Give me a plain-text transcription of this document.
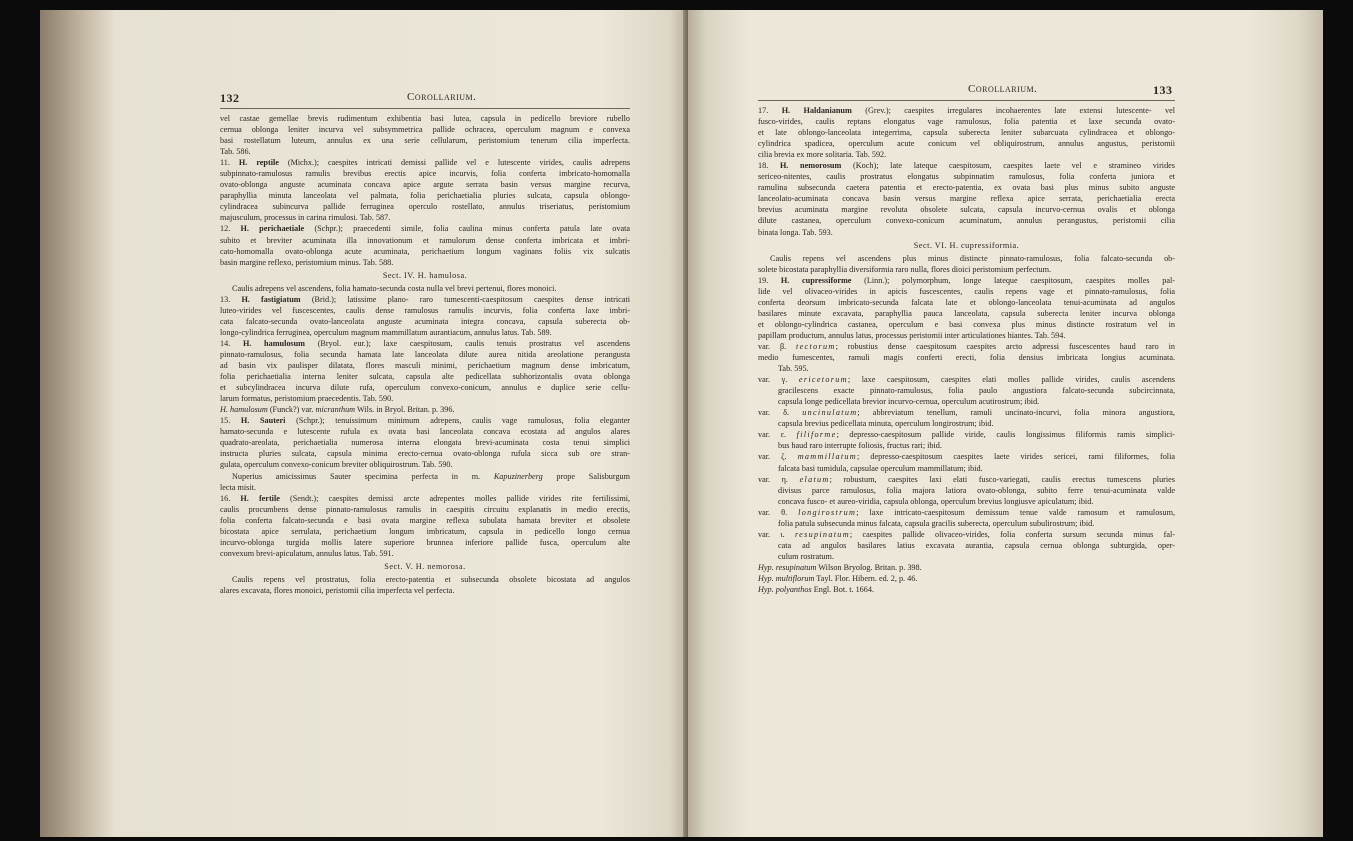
132	Corollarium.
vel castae gemellae brevis rudimentum exhibentia basi lutea, capsula in pedicello breviore rubello
cernua oblonga leniter incurva vel subsymmetrica pallide ochracea, operculum magnum e convexa
basi rostellatum luteum, annulus ex una serie cellularum, peristomium tenerum cilia imperfecta.
Tab. 586.
11. H. reptile (Michx.); caespites intricati demissi pallide vel e lutescente virides, caulis adrepens
subpinnato-ramulosus ramulis brevibus erectis apice incurvis, folia conferta imbricato-homomalla
ovato-oblonga anguste acuminata concava apice argute serrata basin versus margine recurva,
paraphyllia minuta lanceolata vel palmata, folia perichaetialia pluries sulcata, capsula oblongo-
cylindracea subincurva pallide ferruginea operculo rostellato, annulus triseriatus, peristomium
majusculum, processus in carina rimulosi. Tab. 587.
12. H. perichaetiale (Schpr.); praecedenti simile, folia caulina minus conferta patula late ovata
subito et breviter acuminata illa innovationum et ramulorum dense conferta imbricata et imbri-
cato-homomalla ovato-oblonga acute acuminata, perichaetium longum vaginans foliis vix sulcatis
basin margine reflexo, peristomium minus. Tab. 588.
Sect. IV. H. hamulosa.
Caulis adrepens vel ascendens, folia hamato-secunda costa nulla vel brevi pertenui, flores monoici.
13. H. fastigiatum (Brid.); latissime plano- raro tumescenti-caespitosum caespites dense intricati
luteo-virides vel fuscescentes, caulis dense ramulosus ramulis incurvis, folia conferta laxe imbri-
cata falcato-secunda ovato-lanceolata anguste acuminata integra concava, capsula suberecta ob-
longo-cylindrica ferruginea, operculum magnum mammillatum aurantiacum, annulus latus. Tab. 589.
14. H. hamulosum (Bryol. eur.); laxe caespitosum, caulis tenuis prostratus vel ascendens
pinnato-ramulosus, folia secunda hamata late lanceolata dilute aurea nitida areolatione perangusta
ad basin vix paulisper dilatata, flores masculi minimi, perichaetium magnum dense imbricatum,
folia perichaetialia interna leniter sulcata, capsula alte pedicellata subhorizontalis ovata oblonga
et subcylindracea incurva dilute rufa, operculum convexo-conicum, annulus e duplice serie cellu-
larum formatus, peristomium praecedentis. Tab. 590.
H. hamulosum (Funck?) var. micranthum Wils. in Bryol. Britan. p. 396.
15. H. Sauteri (Schpr.); tenuissimum minimum adrepens, caulis vage ramulosus, folia eleganter
hamato-secunda e lutescente rufula ex ovata basi lanceolata concava ecostata ad angulos alares
quadrato-areolata, perichaetialia numerosa interna elongata brevi-acuminata costa tenui simplici
instructa pluries sulcata, capsula minima erecto-cernua ovato-oblonga rufula sicca sub ore stran-
gulata, operculum convexo-conicum breviter obliquirostrum. Tab. 590.
Nuperius amicissimus Sauter specimina perfecta in m. Kapuzinerberg prope Salisburgum
lecta misit.
16. H. fertile (Sendt.); caespites demissi arcte adrepentes molles pallide virides rite fertilissimi,
caulis procumbens dense pinnato-ramulosus ramulis in caespitis circuitu explanatis in medio erectis,
folia conferta falcato-secunda e basi ovata margine reflexa subulata hamata breviter et obsolete
bicostata apice serrulata, perichaetium longum imbricatum, capsula in pedicello longo cernua
incurvo-oblonga turgida mollis latere superiore brunnea inferiore pallide fusca, operculum alte
convexum brevi-apiculatum, annulus latus. Tab. 591.
Sect. V. H. nemorosa.
Caulis repens vel prostratus, folia erecto-patentia et subsecunda obsolete bicostata ad angulos
alares excavata, flores monoici, peristomii cilia imperfecta vel perfecta.
Corollarium.	133
17. H. Haldanianum (Grev.); caespites irregulares incohaerentes late extensi lutescente- vel
fusco-virides, caulis reptans elongatus vage ramulosus, folia patentia et laxe secunda ovato-
et late oblongo-lanceolata integerrima, capsula suberecta leniter subarcuata cylindracea et oblongo-
cylindrica spadicea, operculum acute conicum vel obliquirostrum, annulus angustus, peristomii
cilia brevia ex more solitaria. Tab. 592.
18. H. nemorosum (Koch); late lateque caespitosum, caespites laete vel e stramineo virides
sericeo-nitentes, caulis prostratus elongatus subpinnatim ramulosus, folia conferta juniora et
ramulina subsecunda caetera patentia et erecto-patentia, ex ovata basi plus minus subito anguste
lanceolato-acuminata concava basin versus margine reflexa apice serrata, perichaetialia erecta
brevius acuminata margine revoluta obsolete sulcata, capsula incurvo-cernua ovalis et oblonga
dilute castanea, operculum convexo-conicum acuminatum, annulus perangustus, peristomii cilia
binata longa. Tab. 593.
Sect. VI. H. cupressiformia.
Caulis repens vel ascendens plus minus distincte pinnato-ramulosus, folia falcato-secunda ob-
solete bicostata paraphyllia diversiformia raro nulla, flores dioici peristomium perfectum.
19. H. cupressiforme (Linn.); polymorphum, longe lateque caespitosum, caespites molles pal-
lide vel olivaceo-virides in apicis fuscescentes, caulis repens vage et pinnato-ramulosus, folia
conferta deorsum imbricato-secunda falcata late et oblongo-lanceolata tenui-acuminata ad angulos
basilares minute excavata, paraphyllia pauca lanceolata, capsula suberecta leniter incurva oblonga
et oblongo-cylindrica castanea, operculum e basi convexa plus minus distincte rostratum vel in
papillam productum, annulus latus, processus peristomii inter articulationes hiantes. Tab. 594.
var. β. tectorum; robustius dense caespitosum caespites arcto adpressi fuscescentes haud raro in
medio fumescentes, ramuli magis conferti erecti, folia densius imbricata longius acuminata.
Tab. 595.
var. γ. ericetorum; laxe caespitosum, caespites elati molles pallide virides, caulis ascendens
gracilescens exacte pinnato-ramulosus, folia paulo angustiora falcato-secunda subcircinnata,
capsula longe pedicellata brevior incurvo-cernua, operculum acutirostrum; ibid.
var. δ. uncinulatum; abbreviatum tenellum, ramuli uncinato-incurvi, folia minora angustiora,
capsula brevius pedicellata minuta, operculum longirostrum; ibid.
var. ε. filiforme; depresso-caespitosum pallide viride, caulis longissimus filiformis ramis simplici-
bus haud raro interrupte foliosis, fructus rari; ibid.
var. ζ. mammillatum; depresso-caespitosum caespites laete virides sericei, rami filiformes, folia
falcata basi tumidula, capsulae operculum mammillatum; ibid.
var. η. elatum; robustum, caespites laxi elati fusco-variegati, caulis erectus tumescens pluries
divisus parce ramulosus, folia majora latiora ovato-oblonga, subito ferre tenui-acuminata valde
concava fusco- et aureo-viridia, capsula oblonga, operculum brevius longiusve apiculatum; ibid.
var. θ. longirostrum; laxe intricato-caespitosum demissum tenue valde ramosum et ramulosum,
folia patula subsecunda minus falcata, capsula gracilis suberecta, operculum subulirostrum; ibid.
var. ι. resupinatum; caespites pallide olivaceo-virides, folia conferta sursum secunda minus fal-
cata ad angulos basilares latius excavata aurantia, capsula cernua oblonga subturgida, oper-
culum rostratum.
Hyp. resupinatum Wilson Bryolog. Britan. p. 398.
Hyp. multiflorum Tayl. Flor. Hibern. ed. 2, p. 46.
Hyp. polyanthos Engl. Bot. t. 1664.
